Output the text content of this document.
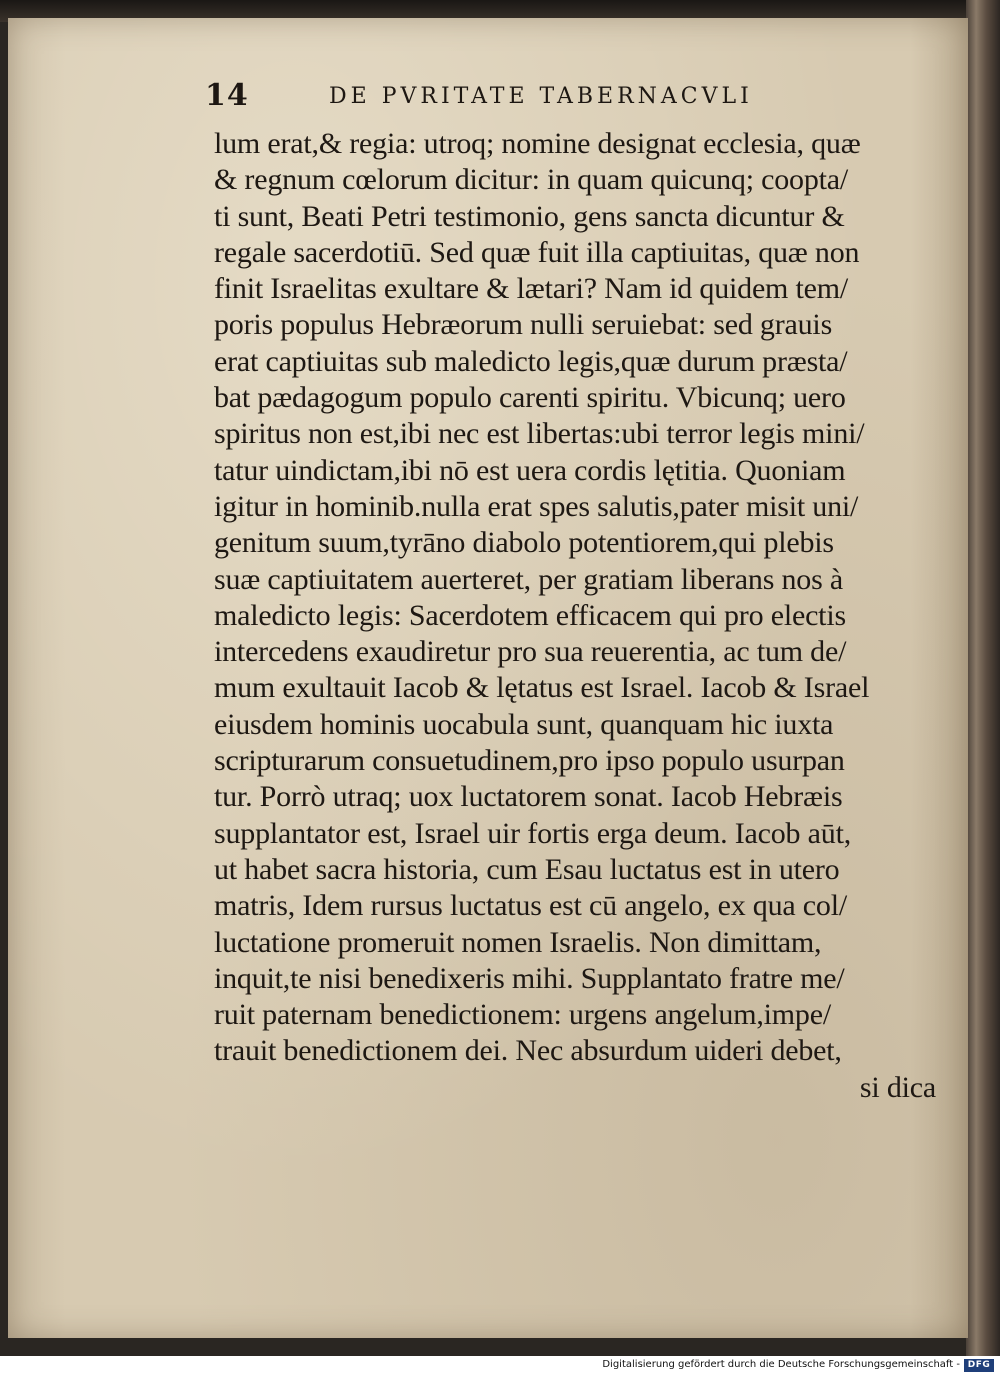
14	DE PVRITATE TABERNACVLI
lum erat,& regia: utroq; nomine designat ecclesia, quæ
& regnum cœlorum dicitur: in quam quicunq; coopta/
ti sunt, Beati Petri testimonio, gens sancta dicuntur &
regale sacerdotiū. Sed quæ fuit illa captiuitas, quæ non
finit Israelitas exultare & lætari? Nam id quidem tem/
poris populus Hebræorum nulli seruiebat: sed grauis
erat captiuitas sub maledicto legis,quæ durum præsta/
bat pædagogum populo carenti spiritu. Vbicunq; uero
spiritus non est,ibi nec est libertas:ubi terror legis mini/
tatur uindictam,ibi nō est uera cordis lętitia. Quoniam
igitur in hominib.nulla erat spes salutis,pater misit uni/
genitum suum,tyrāno diabolo potentiorem,qui plebis
suæ captiuitatem auerteret, per gratiam liberans nos à
maledicto legis: Sacerdotem efficacem qui pro electis
intercedens exaudiretur pro sua reuerentia, ac tum de/
mum exultauit Iacob & lętatus est Israel. Iacob & Israel
eiusdem hominis uocabula sunt, quanquam hic iuxta
scripturarum consuetudinem,pro ipso populo usurpan
tur. Porrò utraq; uox luctatorem sonat. Iacob Hebræis
supplantator est, Israel uir fortis erga deum. Iacob aūt,
ut habet sacra historia, cum Esau luctatus est in utero
matris, Idem rursus luctatus est cū angelo, ex qua col/
luctatione promeruit nomen Israelis. Non dimittam,
inquit,te nisi benedixeris mihi. Supplantato fratre me/
ruit paternam benedictionem: urgens angelum,impe/
trauit benedictionem dei. Nec absurdum uideri debet,
si dica
Digitalisierung gefördert durch die Deutsche Forschungsgemeinschaft - DFG
